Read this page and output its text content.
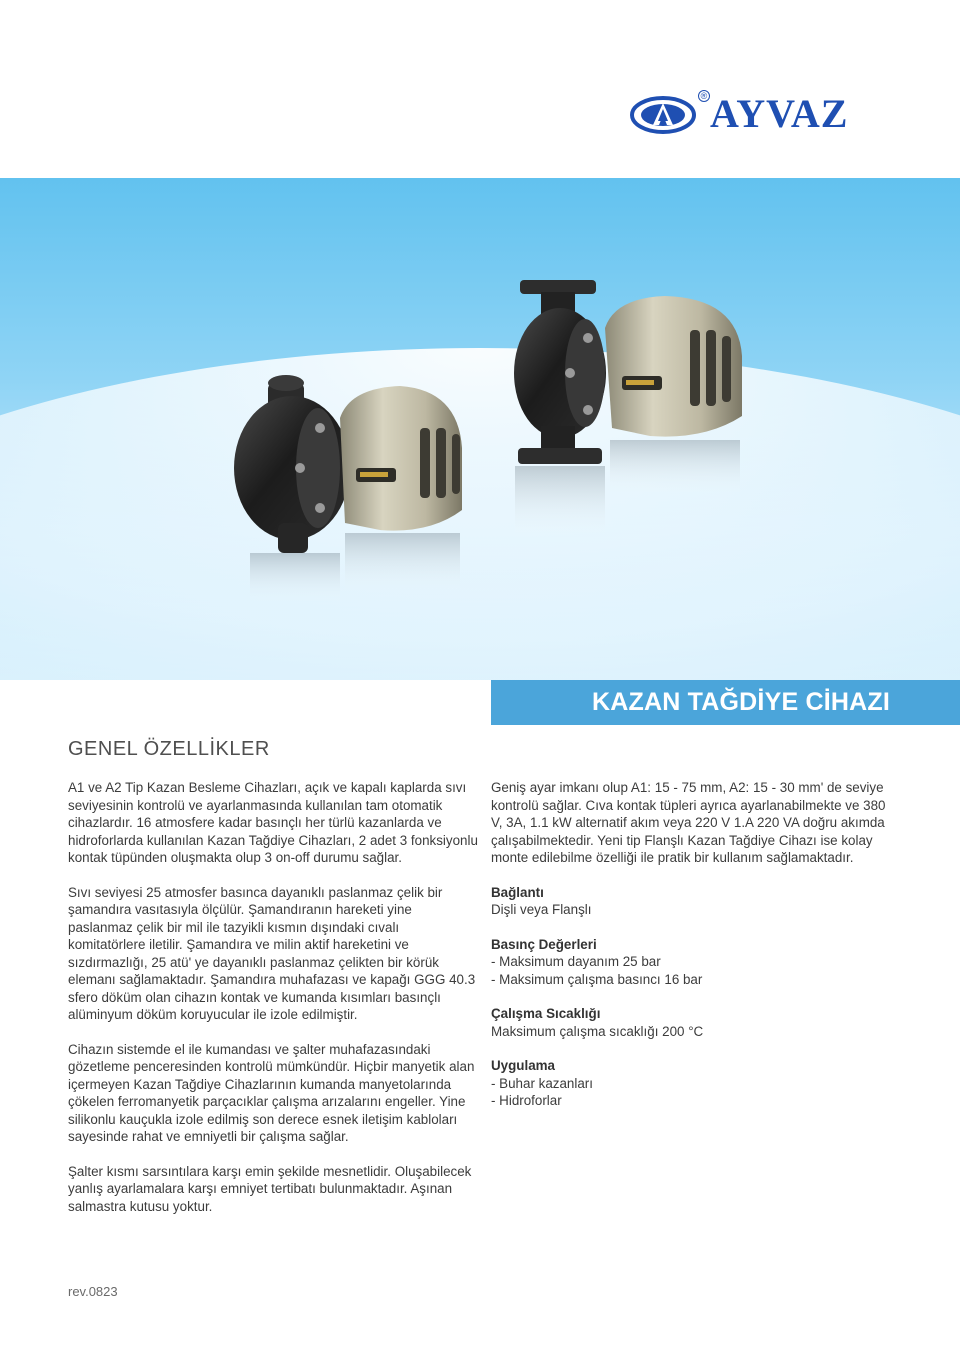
® AYVAZ
KAZAN TAĞDİYE CİHAZI
GENEL ÖZELLİKLER

A1 ve A2 Tip Kazan Besleme Cihazları, açık ve kapalı kaplarda sıvı seviyesinin kontrolü ve ayarlanmasında kullanılan tam otomatik cihazlardır. 16 atmosfere kadar basınçlı her türlü kazanlarda ve hidroforlarda kullanılan Kazan Tağdiye Cihazları, 2 adet 3 fonksiyonlu kontak tüpünden oluşmakta olup 3 on-off durumu sağlar.

Sıvı seviyesi 25 atmosfer basınca dayanıklı paslanmaz çelik bir şamandıra vasıtasıyla ölçülür. Şamandıranın hareketi yine paslanmaz çelik bir mil ile tazyikli kısmın dışındaki cıvalı komitatörlere iletilir. Şamandıra ve milin aktif hareketini ve sızdırmazlığı, 25 atü' ye dayanıklı paslanmaz çelikten bir körük elemanı sağlamaktadır. Şamandıra muhafazası ve kapağı GGG 40.3 sfero döküm olan cihazın kontak ve kumanda kısımları basınçlı alüminyum döküm koruyucular ile izole edilmiştir.

Cihazın sistemde el ile kumandası ve şalter muhafazasındaki gözetleme penceresinden kontrolü mümkündür. Hiçbir manyetik alan içermeyen Kazan Tağdiye Cihazlarının kumanda manyetolarında çökelen ferromanyetik parçacıklar çalışma arızalarını engeller. Yine silikonlu kauçukla izole edilmiş son derece esnek iletişim kabloları sayesinde rahat ve emniyetli bir çalışma sağlar.

Şalter kısmı sarsıntılara karşı emin şekilde mesnetlidir. Oluşabilecek yanlış ayarlamalara karşı emniyet tertibatı bulunmaktadır. Aşınan salmastra kutusu yoktur.

Geniş ayar imkanı olup A1: 15 - 75 mm, A2: 15 - 30 mm' de seviye kontrolü sağlar. Cıva kontak tüpleri ayrıca ayarlanabilmekte ve 380 V, 3A, 1.1 kW alternatif akım veya 220 V 1.A 220 VA doğru akımda çalışabilmektedir. Yeni tip Flanşlı Kazan Tağdiye Cihazı ise kolay monte edilebilme özelliği ile pratik bir kullanım sağlamaktadır.

Bağlantı
Dişli veya Flanşlı
Basınç Değerleri
- Maksimum dayanım 25 bar
- Maksimum çalışma basıncı 16 bar
Çalışma Sıcaklığı
Maksimum çalışma sıcaklığı 200 °C
Uygulama
- Buhar kazanları
- Hidroforlar
rev.0823
